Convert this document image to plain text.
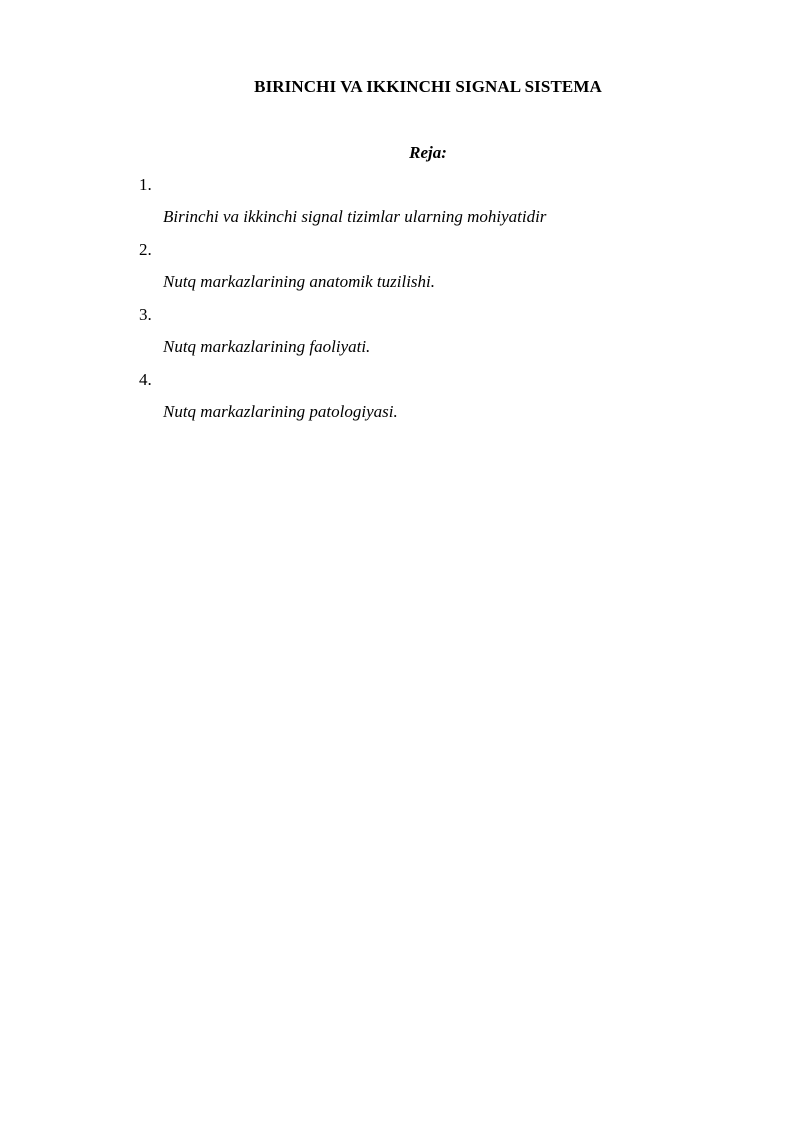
BIRINCHI VA IKKINCHI SIGNAL SISTEMA
Reja:
1.
Birinchi va ikkinchi signal tizimlar ularning mohiyatidir
2.
Nutq markazlarining anatomik tuzilishi.
3.
Nutq markazlarining faoliyati.
4.
Nutq markazlarining patologiyasi.
